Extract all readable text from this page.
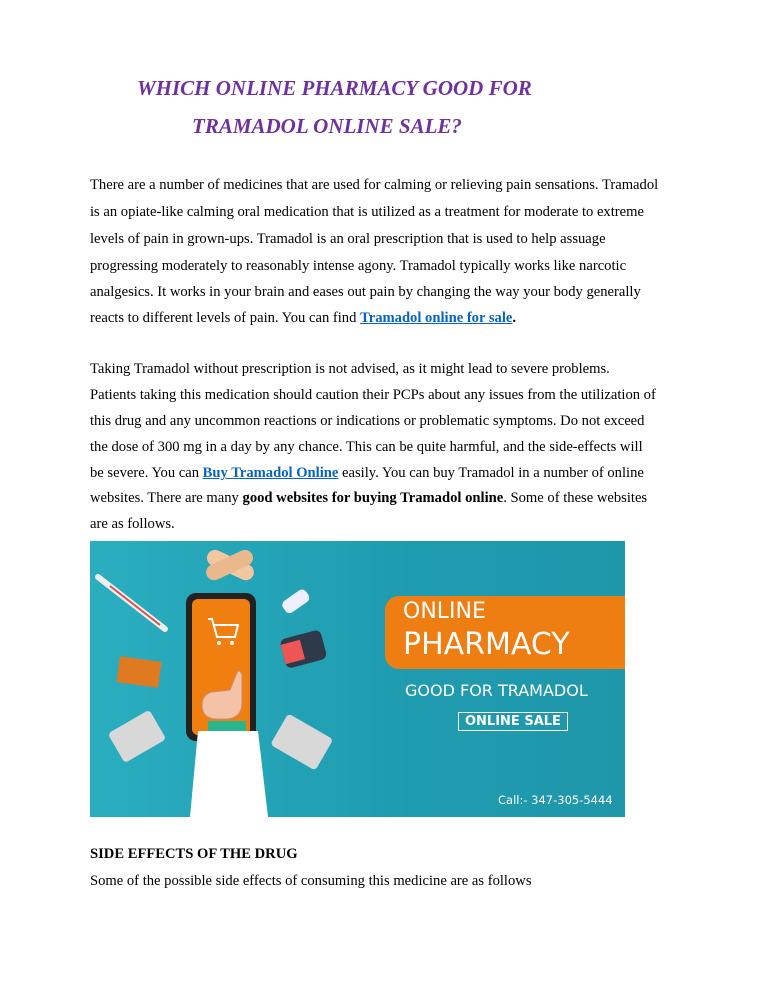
WHICH ONLINE PHARMACY GOOD FOR
TRAMADOL ONLINE SALE?
There are a number of medicines that are used for calming or relieving pain sensations. Tramadol
is an opiate-like calming oral medication that is utilized as a treatment for moderate to extreme
levels of pain in grown-ups. Tramadol is an oral prescription that is used to help assuage
progressing moderately to reasonably intense agony. Tramadol typically works like narcotic
analgesics. It works in your brain and eases out pain by changing the way your body generally
reacts to different levels of pain. You can find Tramadol online for sale.
Taking Tramadol without prescription is not advised, as it might lead to severe problems.
Patients taking this medication should caution their PCPs about any issues from the utilization of
this drug and any uncommon reactions or indications or problematic symptoms. Do not exceed
the dose of 300 mg in a day by any chance. This can be quite harmful, and the side-effects will
be severe. You can Buy Tramadol Online easily. You can buy Tramadol in a number of online
websites. There are many good websites for buying Tramadol online. Some of these websites
are as follows.
ONLINE
PHARMACY
GOOD FOR TRAMADOL
ONLINE SALE
Call:- 347-305-5444
SIDE EFFECTS OF THE DRUG
Some of the possible side effects of consuming this medicine are as follows
